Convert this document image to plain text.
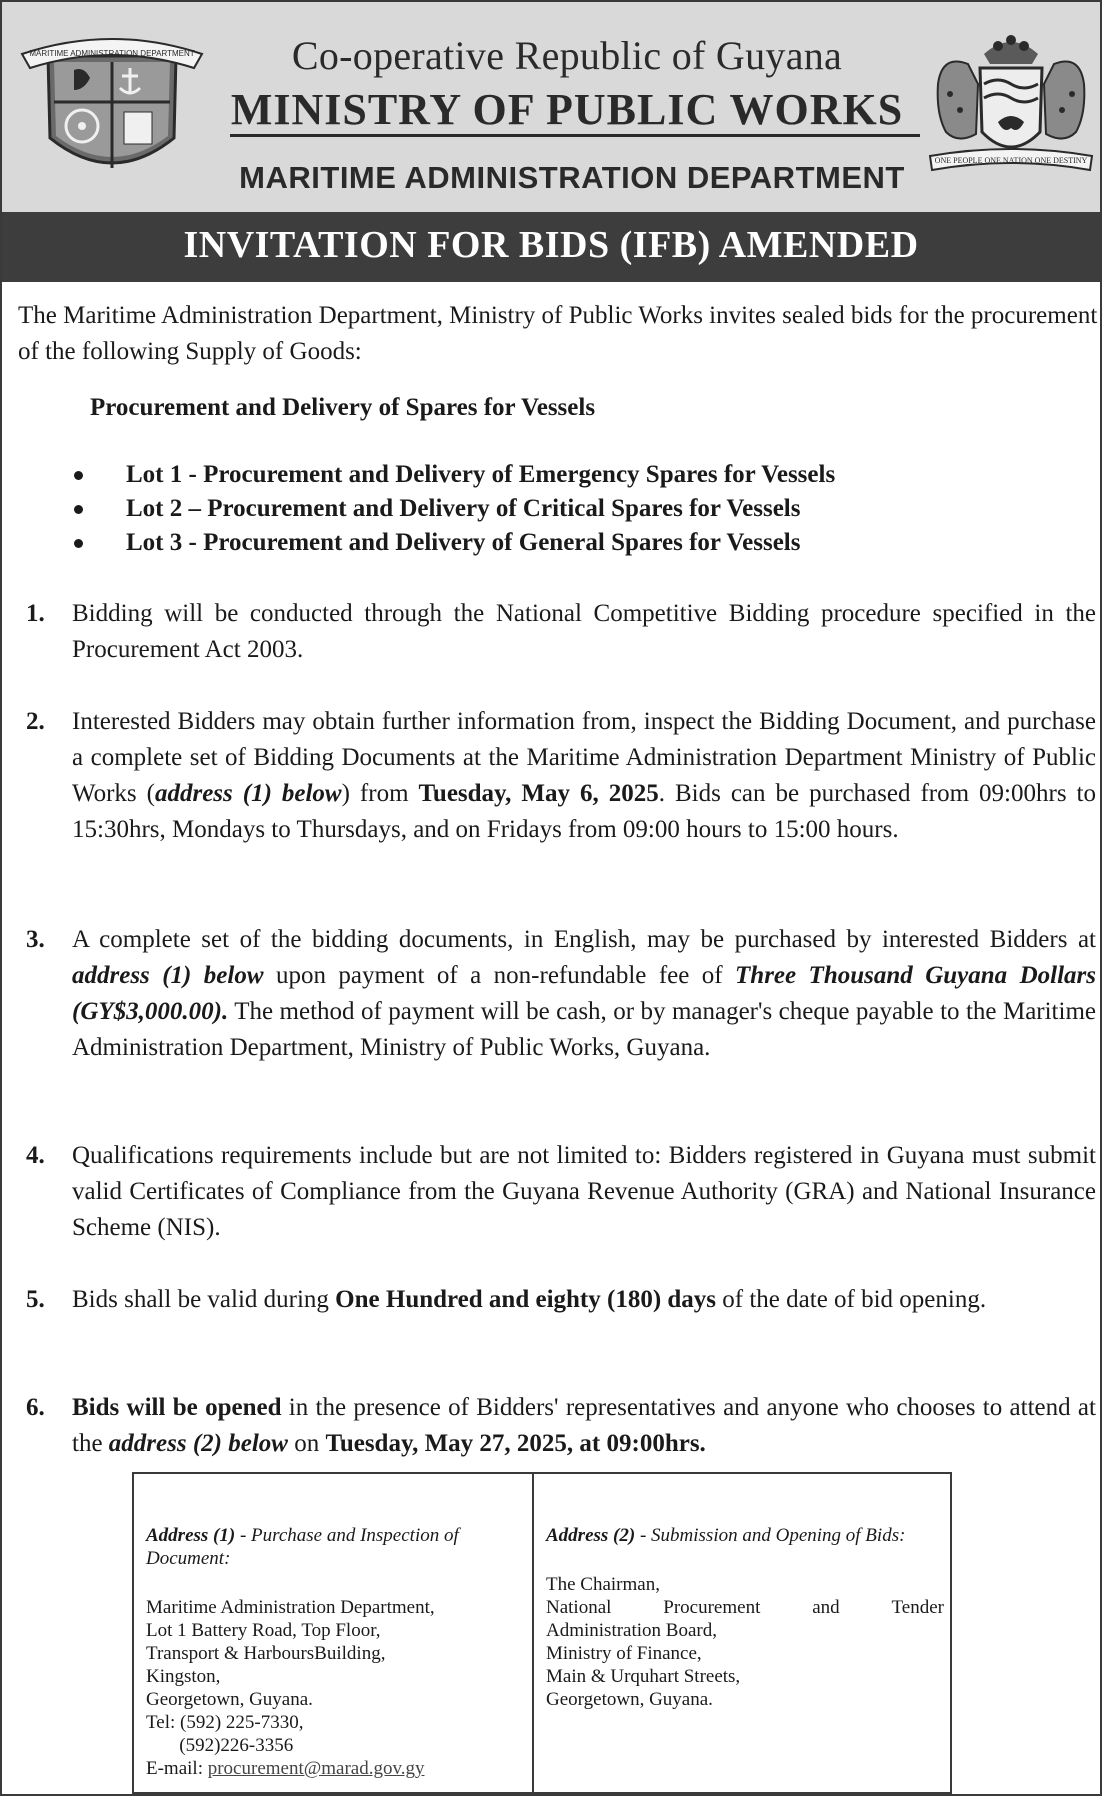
MARITIME ADMINISTRATION DEPARTMENT	Co-operative Republic of Guyana
MINISTRY OF PUBLIC WORKS
MARITIME ADMINISTRATION DEPARTMENT	ONE PEOPLE ONE NATION ONE DESTINY
INVITATION FOR BIDS (IFB) AMENDED
The Maritime Administration Department, Ministry of Public Works invites sealed bids for the procurement of the following Supply of Goods:
Procurement and Delivery of Spares for Vessels
Lot 1 - Procurement and Delivery of Emergency Spares for Vessels
Lot 2 – Procurement and Delivery of Critical Spares for Vessels
Lot 3 - Procurement and Delivery of General Spares for Vessels
1. Bidding will be conducted through the National Competitive Bidding procedure specified in the Procurement Act 2003.
2. Interested Bidders may obtain further information from, inspect the Bidding Document, and purchase a complete set of Bidding Documents at the Maritime Administration Department Ministry of Public Works (address (1) below) from Tuesday, May 6, 2025. Bids can be purchased from 09:00hrs to 15:30hrs, Mondays to Thursdays, and on Fridays from 09:00 hours to 15:00 hours.
3. A complete set of the bidding documents, in English, may be purchased by interested Bidders at address (1) below upon payment of a non-refundable fee of Three Thousand Guyana Dollars (GY$3,000.00). The method of payment will be cash, or by manager's cheque payable to the Maritime Administration Department, Ministry of Public Works, Guyana.
4. Qualifications requirements include but are not limited to: Bidders registered in Guyana must submit valid Certificates of Compliance from the Guyana Revenue Authority (GRA) and National Insurance Scheme (NIS).
5. Bids shall be valid during One Hundred and eighty (180) days of the date of bid opening.
6. Bids will be opened in the presence of Bidders' representatives and anyone who chooses to attend at the address (2) below on Tuesday, May 27, 2025, at 09:00hrs.
Address (1) - Purchase and Inspection of Document:
Maritime Administration Department,
Lot 1 Battery Road, Top Floor,
Transport & HarboursBuilding,
Kingston,
Georgetown, Guyana.
Tel: (592) 225-7330,
(592)226-3356
E-mail: procurement@marad.gov.gy
Address (2) - Submission and Opening of Bids:
The Chairman,
National	Procurement	and	Tender
Administration Board,
Ministry of Finance,
Main & Urquhart Streets,
Georgetown, Guyana.
